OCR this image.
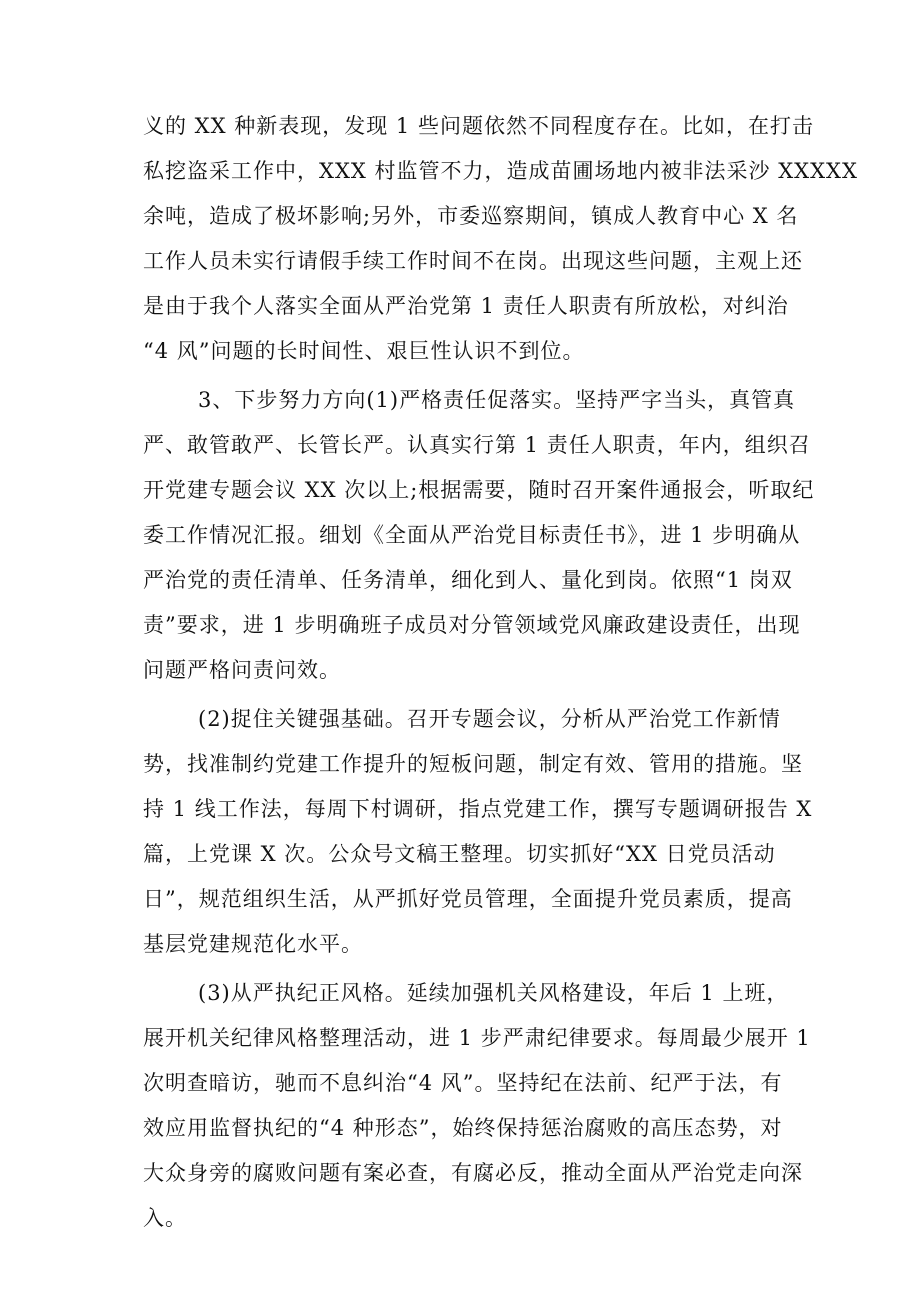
义的 XX 种新表现，发现 1 些问题依然不同程度存在。比如，在打击
私挖盗采工作中，XXX 村监管不力，造成苗圃场地内被非法采沙 XXXXX
余吨，造成了极坏影响;另外，市委巡察期间，镇成人教育中心 X 名
工作人员未实行请假手续工作时间不在岗。出现这些问题，主观上还
是由于我个人落实全面从严治党第 1 责任人职责有所放松，对纠治
“4 风”问题的长时间性、艰巨性认识不到位。
3、下步努力方向(1)严格责任促落实。坚持严字当头，真管真
严、敢管敢严、长管长严。认真实行第 1 责任人职责，年内，组织召
开党建专题会议 XX 次以上;根据需要，随时召开案件通报会，听取纪
委工作情况汇报。细划《全面从严治党目标责任书》，进 1 步明确从
严治党的责任清单、任务清单，细化到人、量化到岗。依照“1 岗双
责”要求，进 1 步明确班子成员对分管领域党风廉政建设责任，出现
问题严格问责问效。
(2)捉住关键强基础。召开专题会议，分析从严治党工作新情
势，找准制约党建工作提升的短板问题，制定有效、管用的措施。坚
持 1 线工作法，每周下村调研，指点党建工作，撰写专题调研报告 X
篇，上党课 X 次。公众号文稿王整理。切实抓好“XX 日党员活动
日”，规范组织生活，从严抓好党员管理，全面提升党员素质，提高
基层党建规范化水平。
(3)从严执纪正风格。延续加强机关风格建设，年后 1 上班，
展开机关纪律风格整理活动，进 1 步严肃纪律要求。每周最少展开 1
次明查暗访，驰而不息纠治“4 风”。坚持纪在法前、纪严于法，有
效应用监督执纪的“4 种形态”，始终保持惩治腐败的高压态势，对
大众身旁的腐败问题有案必查，有腐必反，推动全面从严治党走向深
入。
